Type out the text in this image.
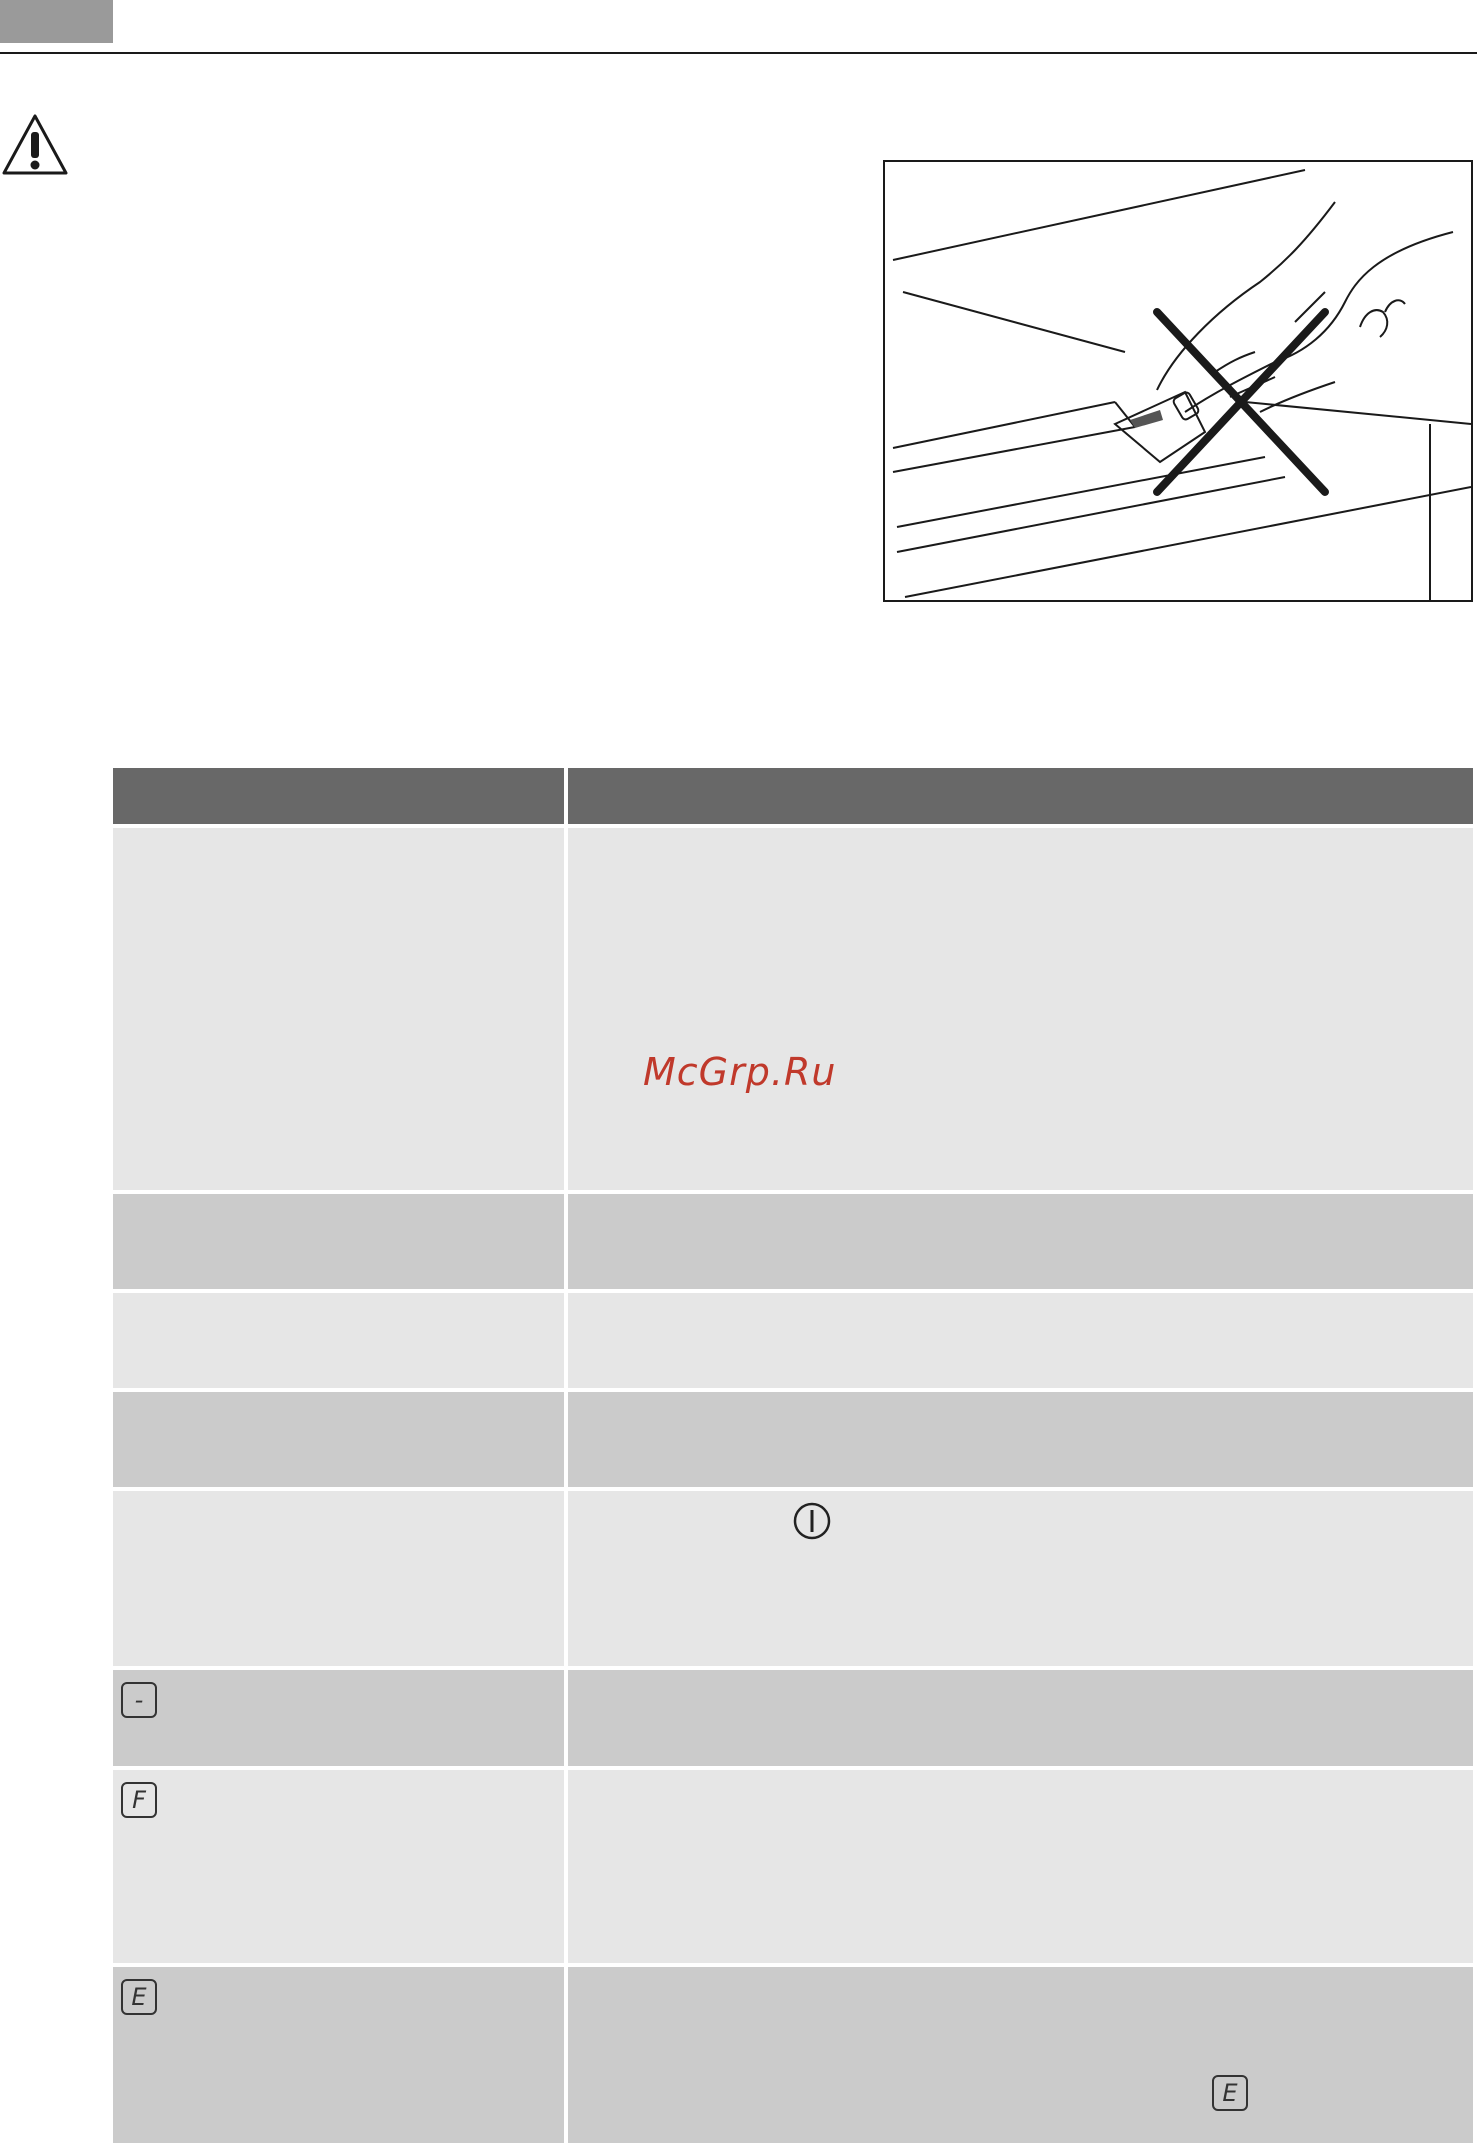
-
F
E
E
McGrp.Ru
